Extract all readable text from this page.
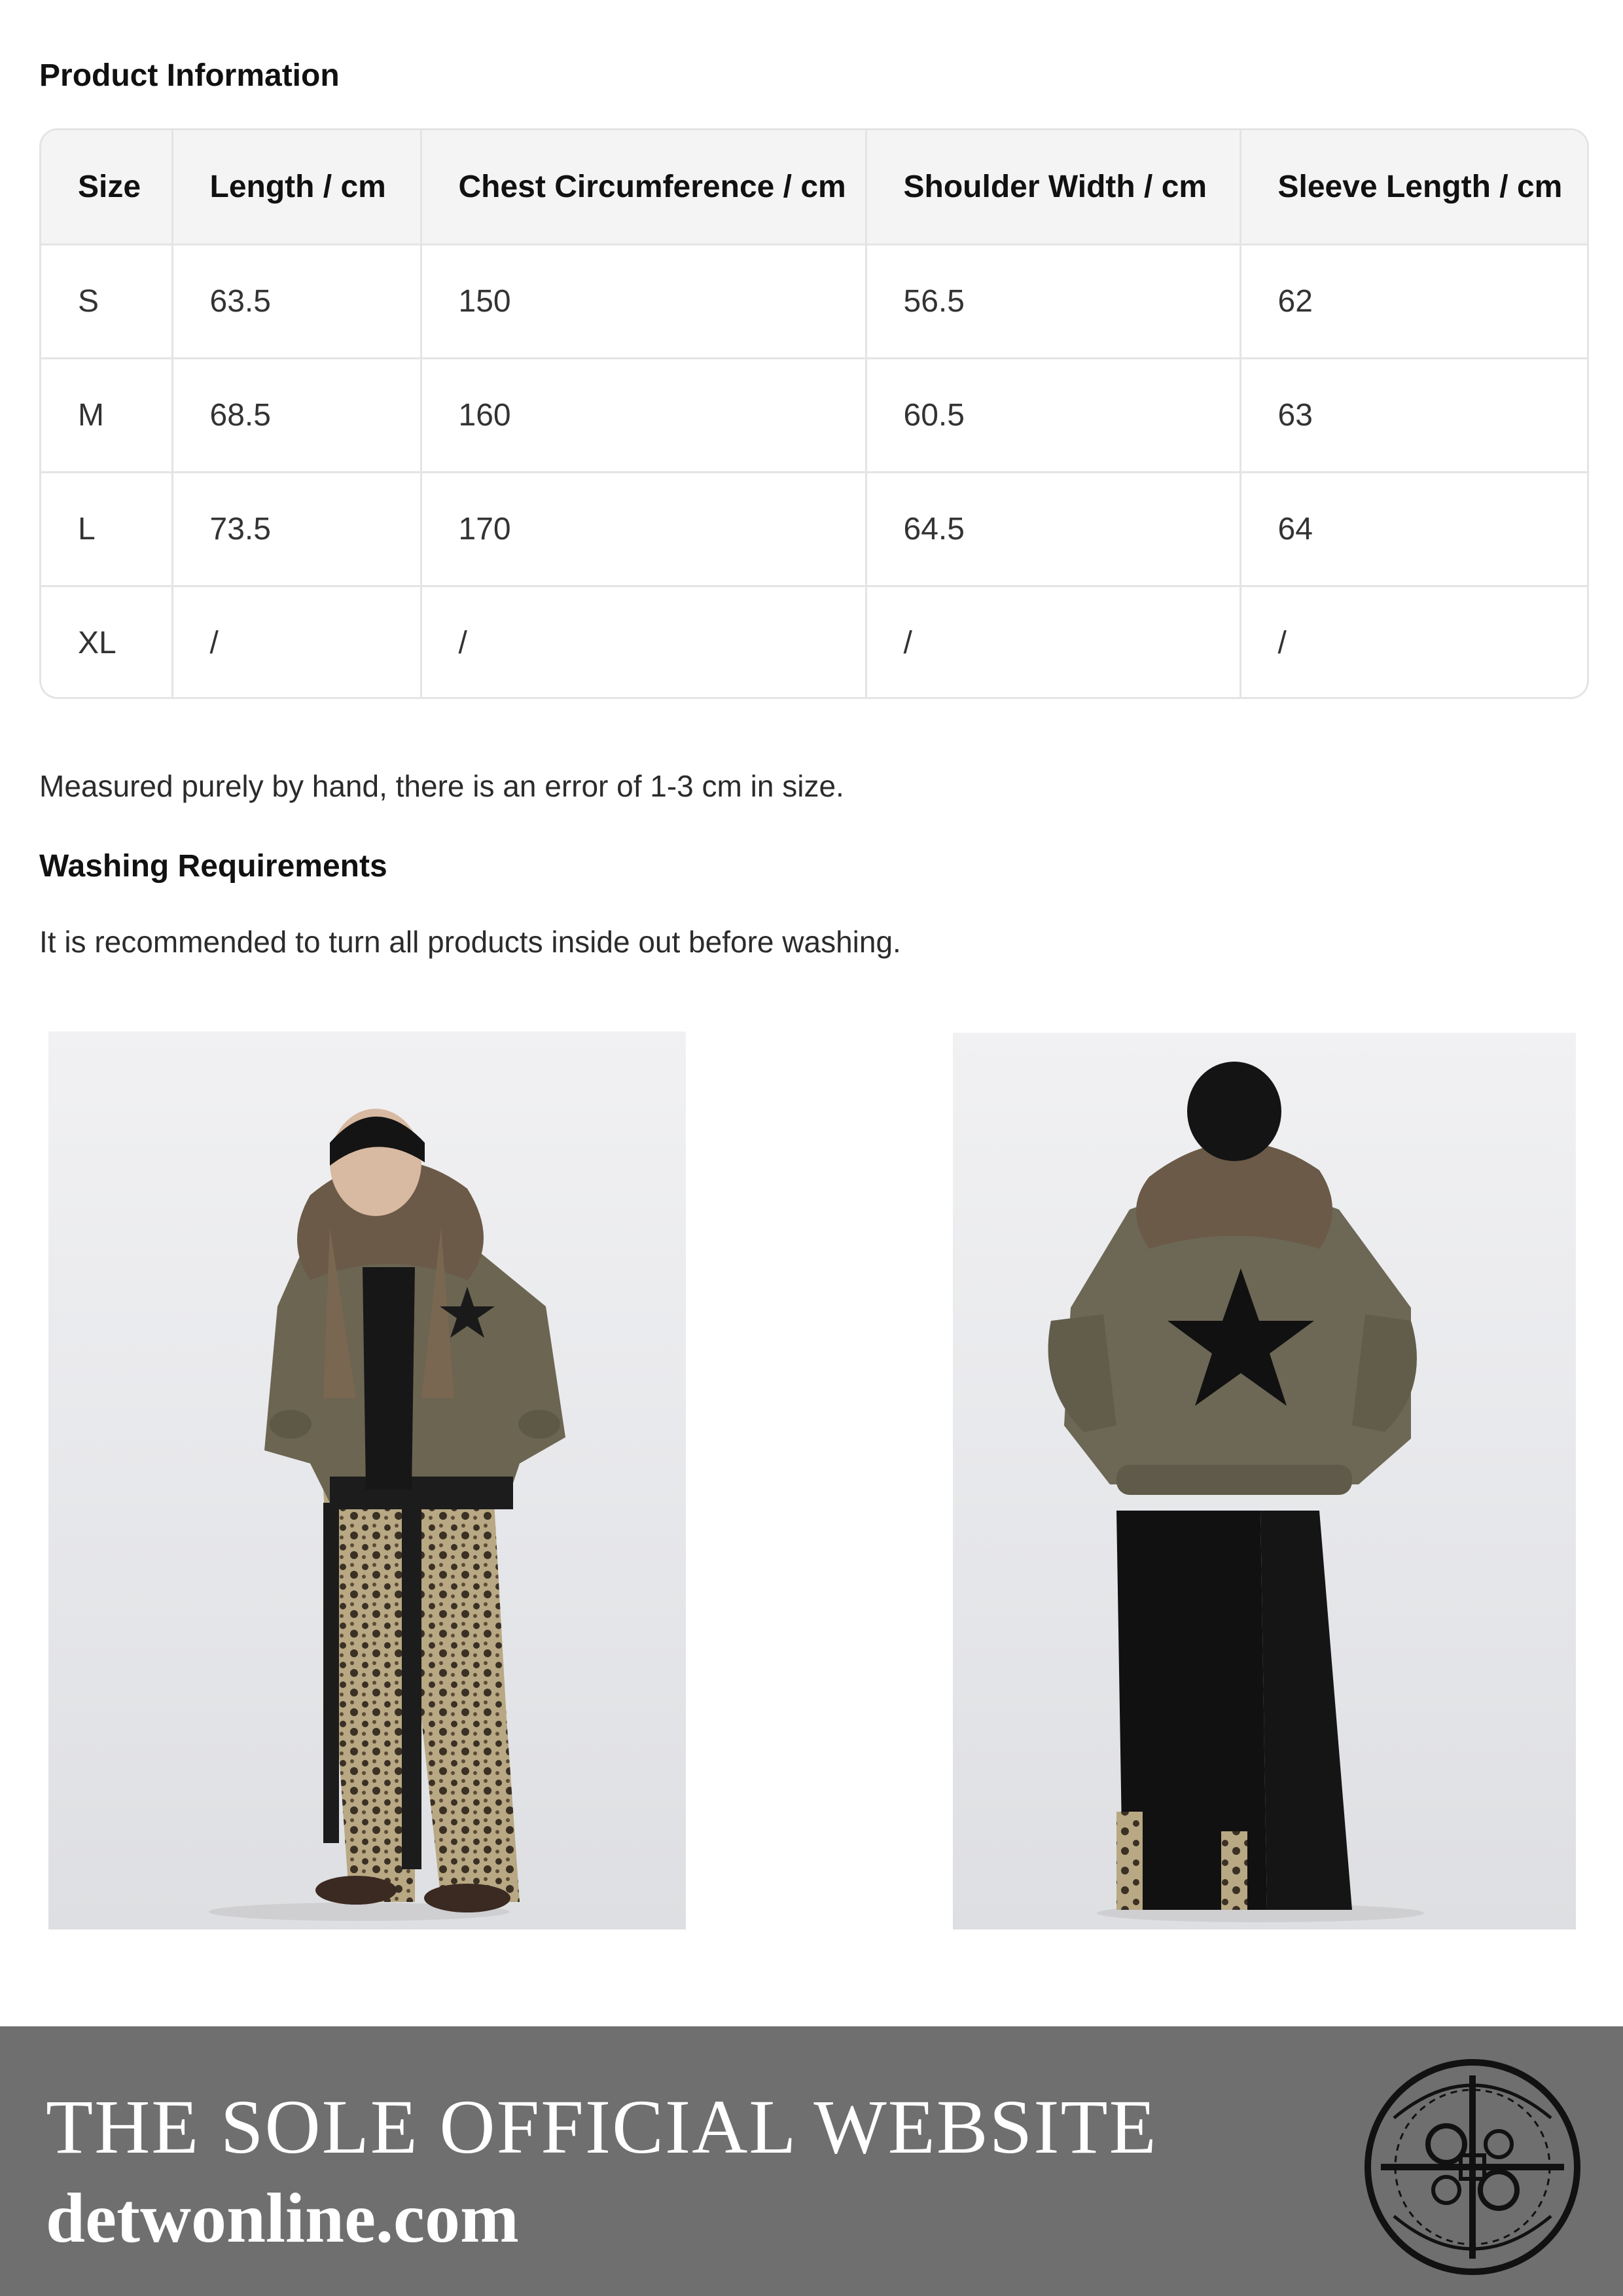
Product Information
Size	Length / cm	Chest Circumference / cm	Shoulder Width / cm	Sleeve Length / cm
S	63.5	150	56.5	62
M	68.5	160	60.5	63
L	73.5	170	64.5	64
XL	/	/	/	/

Measured purely by hand, there is an error of 1-3 cm in size.

Washing Requirements

It is recommended to turn all products inside out before washing.

THE SOLE OFFICIAL WEBSITE

detwonline.com
